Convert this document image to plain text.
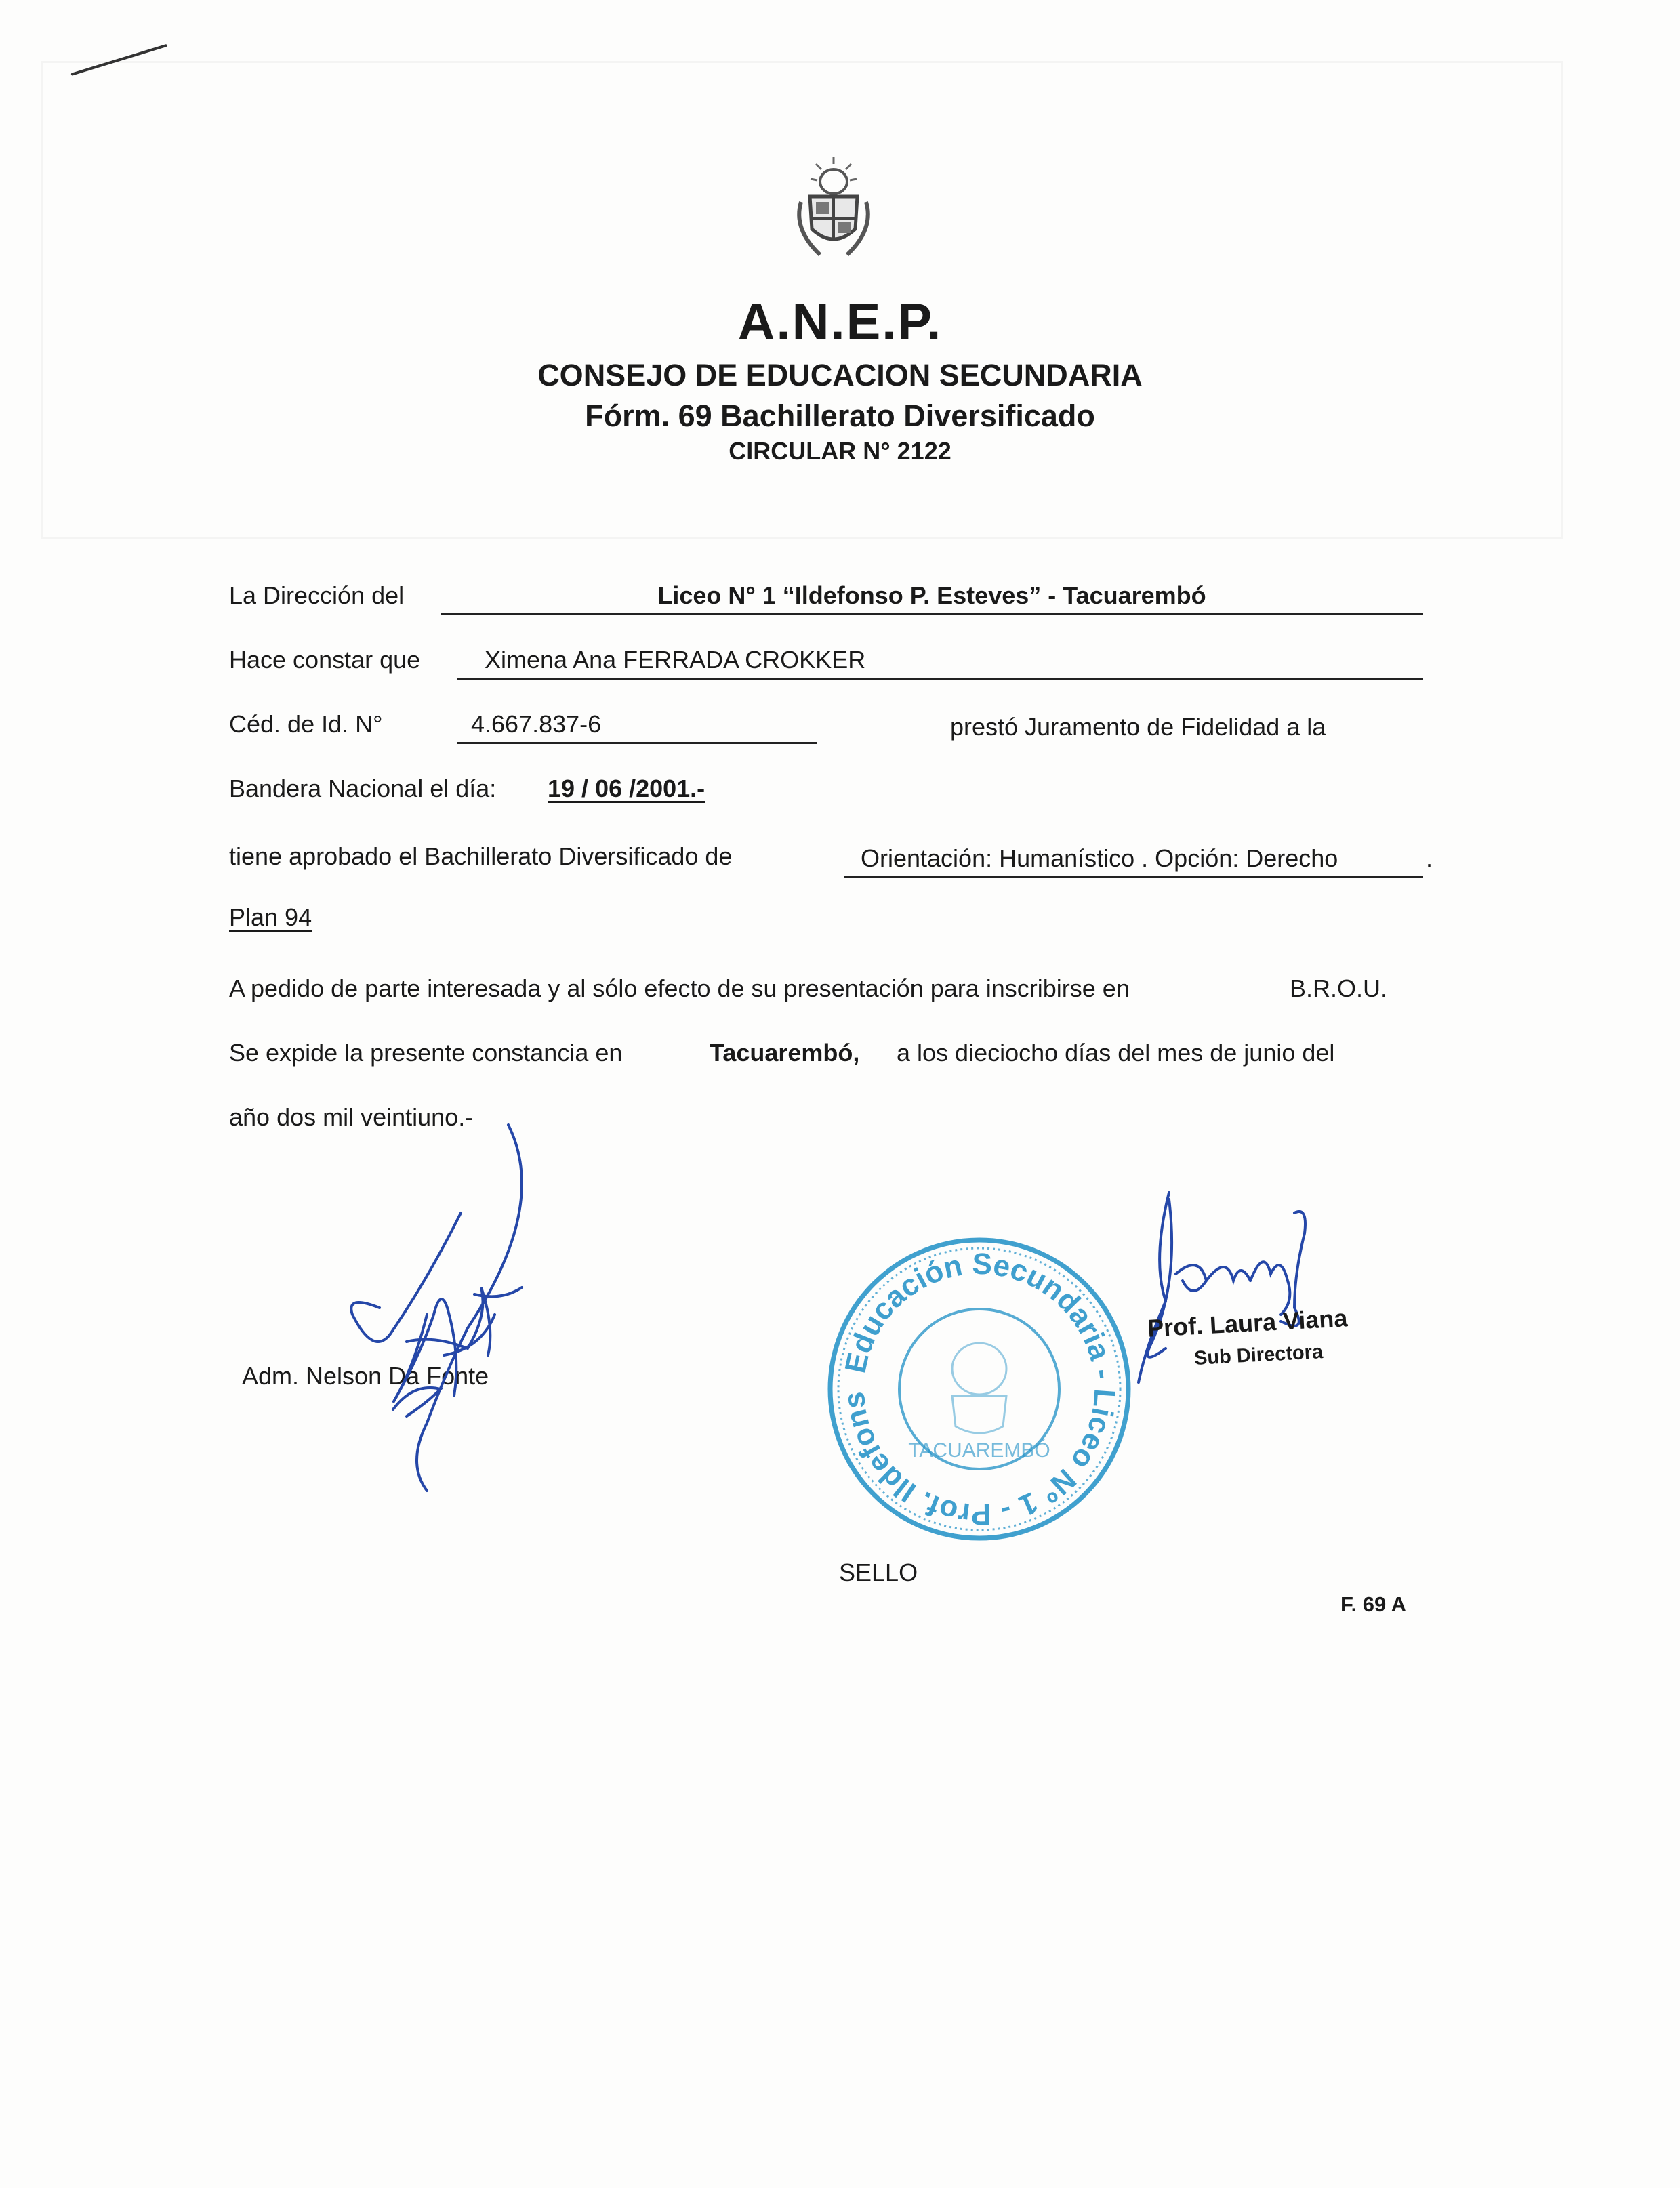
A.N.E.P.
CONSEJO DE EDUCACION SECUNDARIA
Fórm. 69 Bachillerato Diversificado
CIRCULAR N° 2122
La Dirección del	Liceo N° 1 “Ildefonso P. Esteves” - Tacuarembó
Hace constar que	Ximena Ana FERRADA CROKKER
Céd. de Id. N°	4.667.837-6	prestó Juramento de Fidelidad a la
Bandera Nacional el día: 19 / 06 /2001.-
tiene aprobado el Bachillerato Diversificado de	Orientación: Humanístico . Opción: Derecho	.
Plan 94
A pedido de parte interesada y al sólo efecto de su presentación para inscribirse en	B.R.O.U.
Se expide la presente constancia en	Tacuarembó, a los dieciocho días del mes de junio del
año dos mil veintiuno.-
Adm. Nelson Da Fonte	Educación Secundaria - Liceo Nº 1 - Prof. Ildefonso P.
TACUAREMBÓ
SELLO
Prof. Laura Viana
Sub Directora
F. 69 A
